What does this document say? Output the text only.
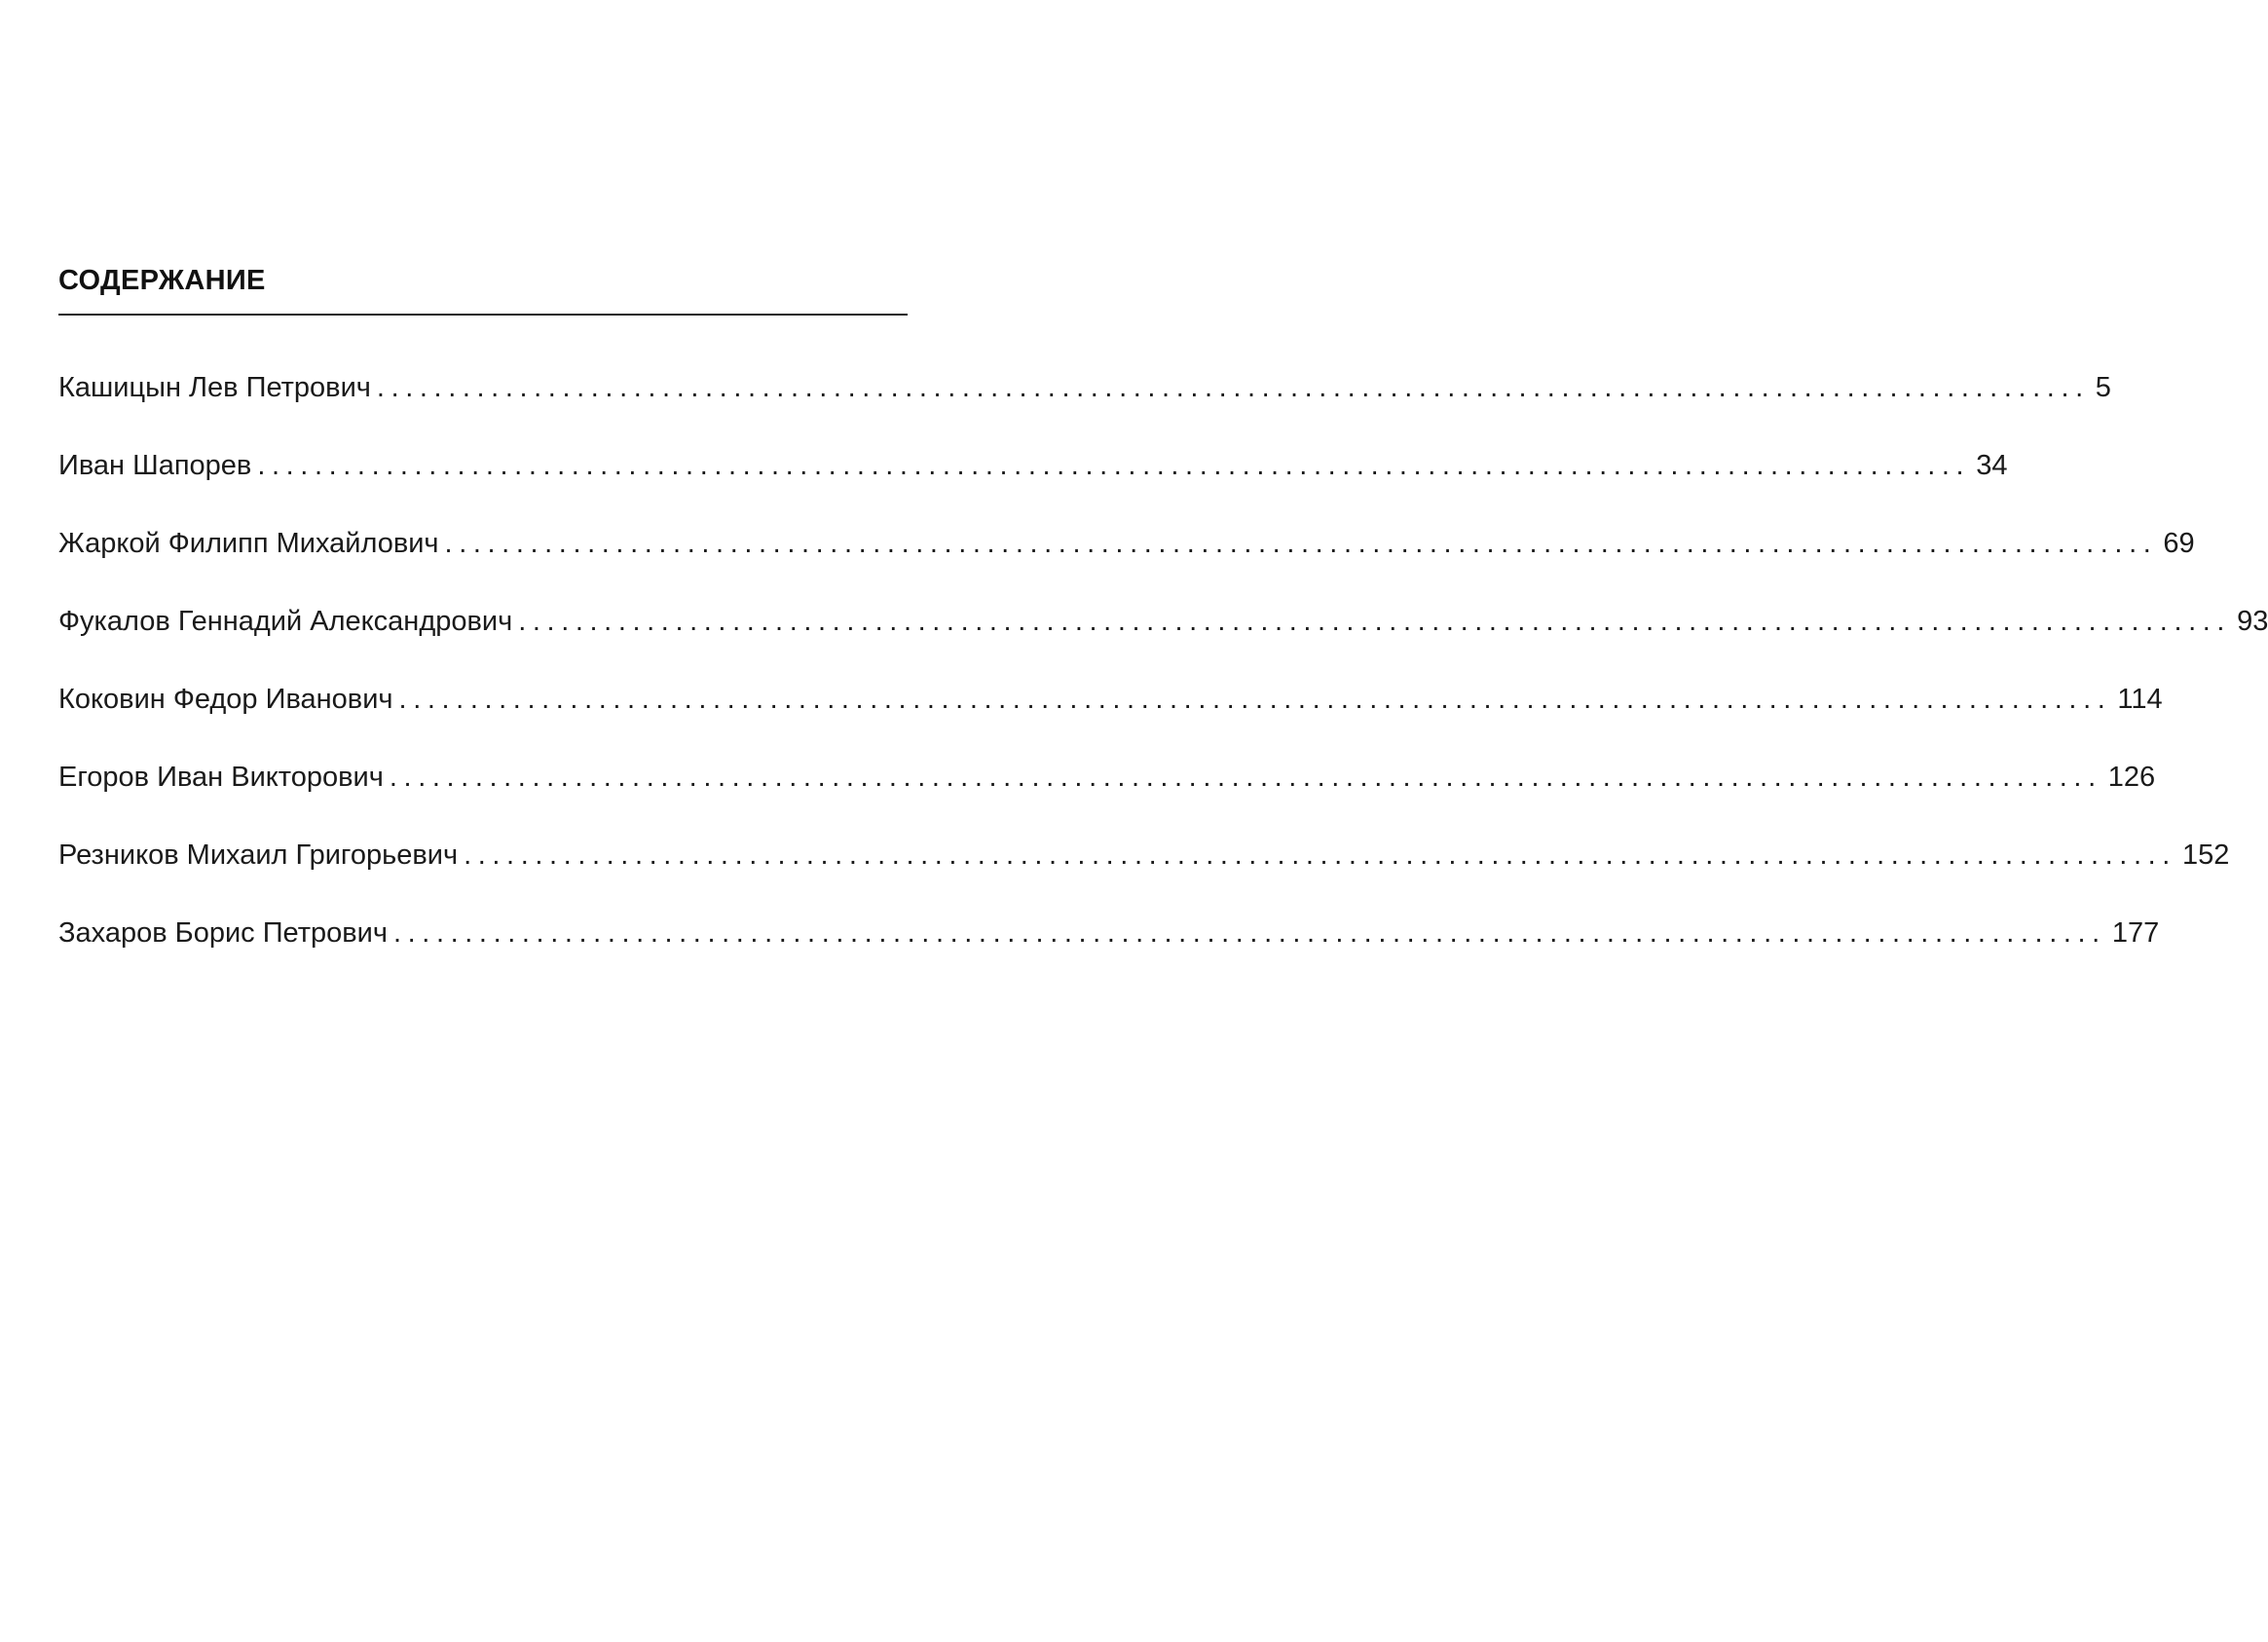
СОДЕРЖАНИЕ
Кашицын Лев Петрович ........................................................................................................................ 5
Иван Шапорев ........................................................................................................................ 34
Жаркой Филипп Михайлович ........................................................................................................................ 69
Фукалов Геннадий Александрович ........................................................................................................................ 93
Коковин Федор Иванович ........................................................................................................................ 114
Егоров Иван Викторович ........................................................................................................................ 126
Резников Михаил Григорьевич ........................................................................................................................ 152
Захаров Борис Петрович ........................................................................................................................ 177
